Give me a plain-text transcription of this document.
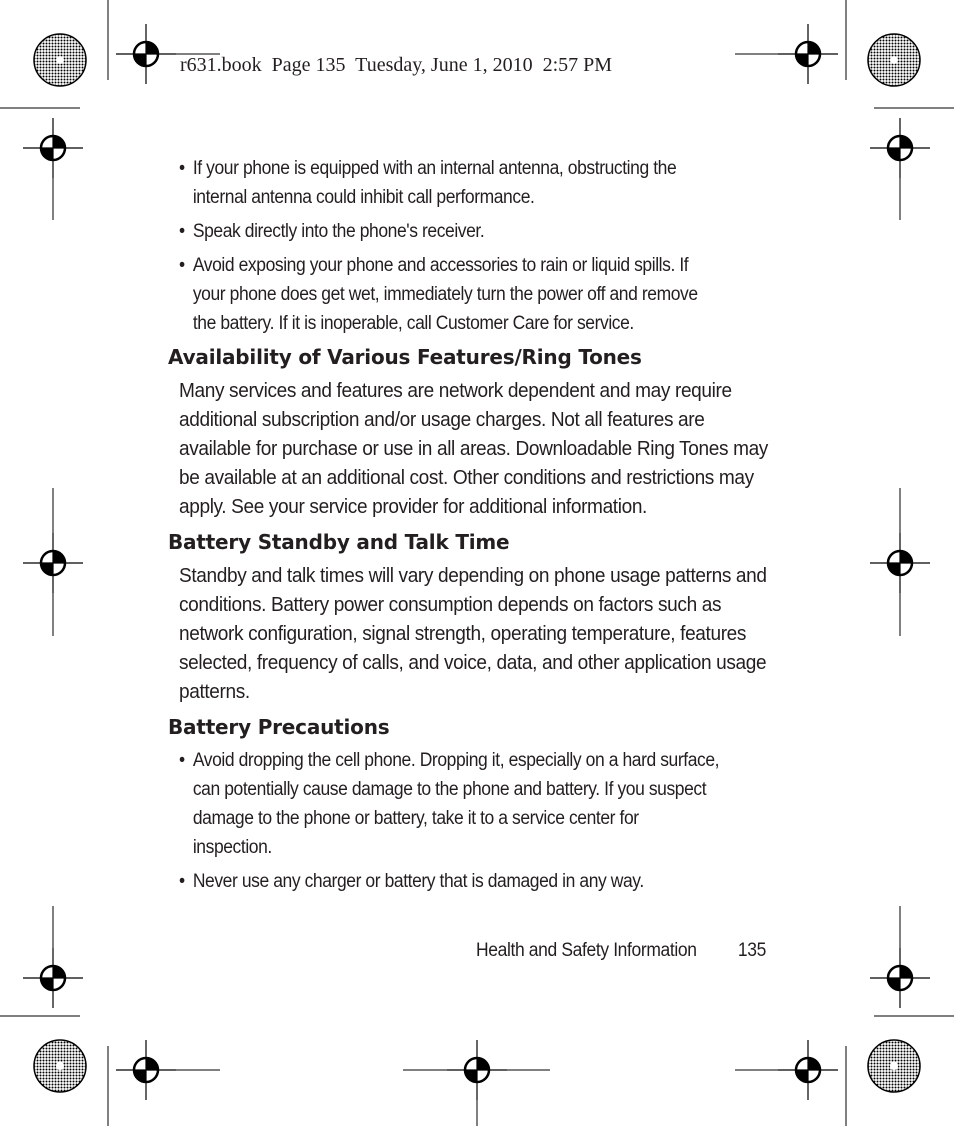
r631.book  Page 135  Tuesday, June 1, 2010  2:57 PM

• If your phone is equipped with an internal antenna, obstructing the internal antenna could inhibit call performance.
• Speak directly into the phone's receiver.
• Avoid exposing your phone and accessories to rain or liquid spills. If your phone does get wet, immediately turn the power off and remove the battery. If it is inoperable, call Customer Care for service.
Availability of Various Features/Ring Tones

Many services and features are network dependent and may require additional subscription and/or usage charges. Not all features are available for purchase or use in all areas. Downloadable Ring Tones may be available at an additional cost. Other conditions and restrictions may apply. See your service provider for additional information.

Battery Standby and Talk Time

Standby and talk times will vary depending on phone usage patterns and conditions. Battery power consumption depends on factors such as network configuration, signal strength, operating temperature, features selected, frequency of calls, and voice, data, and other application usage patterns.

Battery Precautions
• Avoid dropping the cell phone. Dropping it, especially on a hard surface, can potentially cause damage to the phone and battery. If you suspect damage to the phone or battery, take it to a service center for inspection.
• Never use any charger or battery that is damaged in any way.
Health and Safety Information 135
